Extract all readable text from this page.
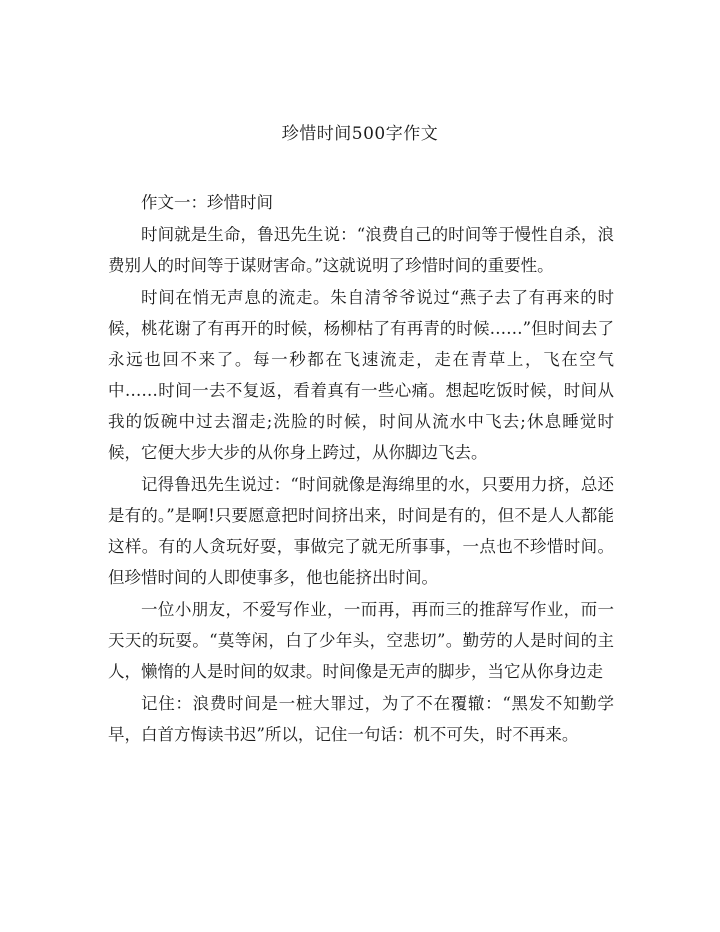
珍惜时间500字作文

作文一：珍惜时间

时间就是生命，鲁迅先生说：“浪费自己的时间等于慢性自杀，浪费别人的时间等于谋财害命。”这就说明了珍惜时间的重要性。

时间在悄无声息的流走。朱自清爷爷说过“燕子去了有再来的时候，桃花谢了有再开的时候，杨柳枯了有再青的时候……”但时间去了永远也回不来了。每一秒都在飞速流走，走在青草上，飞在空气中……时间一去不复返，看着真有一些心痛。想起吃饭时候，时间从我的饭碗中过去溜走;洗脸的时候，时间从流水中飞去;休息睡觉时候，它便大步大步的从你身上跨过，从你脚边飞去。

记得鲁迅先生说过：“时间就像是海绵里的水，只要用力挤，总还是有的。”是啊!只要愿意把时间挤出来，时间是有的，但不是人人都能这样。有的人贪玩好耍，事做完了就无所事事，一点也不珍惜时间。但珍惜时间的人即使事多，他也能挤出时间。

一位小朋友，不爱写作业，一而再，再而三的推辞写作业，而一天天的玩耍。“莫等闲，白了少年头，空悲切”。勤劳的人是时间的主人，懒惰的人是时间的奴隶。时间像是无声的脚步，当它从你身边走

记住：浪费时间是一桩大罪过，为了不在覆辙：“黑发不知勤学早，白首方悔读书迟”所以，记住一句话：机不可失，时不再来。
